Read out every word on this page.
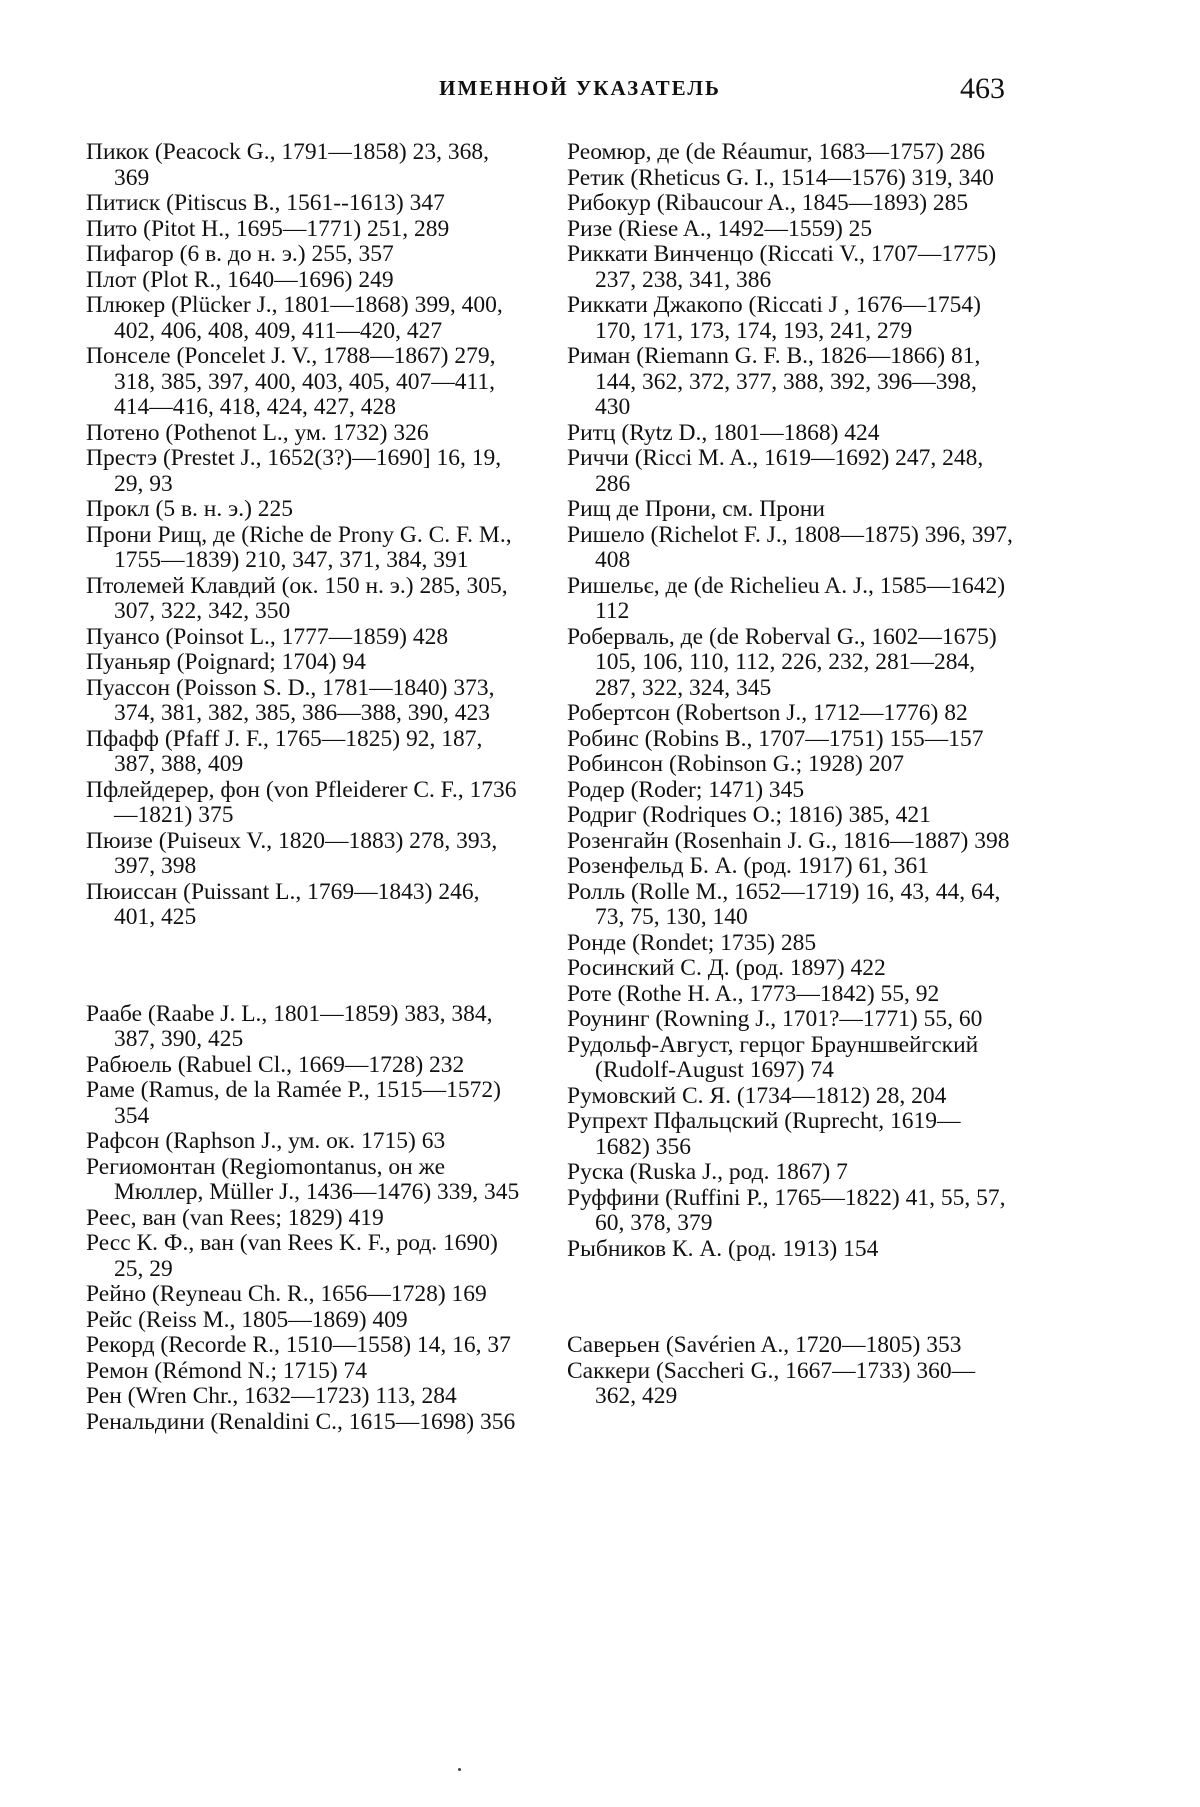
ИМЕННОЙ УКАЗАТЕЛЬ	463

Пикок (Peacock G., 1791—1858) 23, 368, 369

Питиск (Pitiscus B., 1561--1613) 347

Пито (Pitot H., 1695—1771) 251, 289

Пифагор (6 в. до н. э.) 255, 357

Плот (Plot R., 1640—1696) 249

Плюкер (Plücker J., 1801—1868) 399, 400, 402, 406, 408, 409, 411—420, 427

Понселе (Poncelet J. V., 1788—1867) 279, 318, 385, 397, 400, 403, 405, 407—411, 414—416, 418, 424, 427, 428

Потено (Pothenot L., ум. 1732) 326

Престэ (Prestet J., 1652(3?)—1690] 16, 19, 29, 93

Прокл (5 в. н. э.) 225

Прони Рищ, де (Riche de Prony G. C. F. M., 1755—1839) 210, 347, 371, 384, 391

Птолемей Клавдий (ок. 150 н. э.) 285, 305, 307, 322, 342, 350

Пуансо (Poinsot L., 1777—1859) 428

Пуаньяр (Poignard; 1704) 94

Пуассон (Poisson S. D., 1781—1840) 373, 374, 381, 382, 385, 386—388, 390, 423

Пфафф (Pfaff J. F., 1765—1825) 92, 187, 387, 388, 409

Пфлейдерер, фон (von Pfleiderer C. F., 1736—1821) 375

Пюизе (Puiseux V., 1820—1883) 278, 393, 397, 398

Пюиссан (Puissant L., 1769—1843) 246, 401, 425

Раабе (Raabe J. L., 1801—1859) 383, 384, 387, 390, 425

Рабюель (Rabuel Cl., 1669—1728) 232

Раме (Ramus, de la Ramée P., 1515—1572) 354

Рафсон (Raphson J., ум. ок. 1715) 63

Региомонтан (Regiomontanus, он же Мюллер, Müller J., 1436—1476) 339, 345

Реес, ван (van Rees; 1829) 419

Ресс К. Ф., ван (van Rees K. F., род. 1690) 25, 29

Рейно (Reyneau Ch. R., 1656—1728) 169

Рейс (Reiss M., 1805—1869) 409

Рекорд (Recorde R., 1510—1558) 14, 16, 37

Ремон (Rémond N.; 1715) 74

Рен (Wren Chr., 1632—1723) 113, 284

Ренальдини (Renaldini C., 1615—1698) 356

Реомюр, де (de Réaumur, 1683—1757) 286

Ретик (Rheticus G. I., 1514—1576) 319, 340

Рибокур (Ribaucour A., 1845—1893) 285

Ризе (Riese A., 1492—1559) 25

Риккати Винченцо (Riccati V., 1707—1775) 237, 238, 341, 386

Риккати Джакопо (Riccati J , 1676—1754) 170, 171, 173, 174, 193, 241, 279

Риман (Riemann G. F. B., 1826—1866) 81, 144, 362, 372, 377, 388, 392, 396—398, 430

Ритц (Rytz D., 1801—1868) 424

Риччи (Ricci M. A., 1619—1692) 247, 248, 286

Рищ де Прони, см. Прони

Ришело (Richelot F. J., 1808—1875) 396, 397, 408

Ришельє, де (de Richelieu A. J., 1585—1642) 112

Роберваль, де (de Roberval G., 1602—1675) 105, 106, 110, 112, 226, 232, 281—284, 287, 322, 324, 345

Робертсон (Robertson J., 1712—1776) 82

Робинс (Robins B., 1707—1751) 155—157

Робинсон (Robinson G.; 1928) 207

Родер (Roder; 1471) 345

Родриг (Rodriques O.; 1816) 385, 421

Розенгайн (Rosenhain J. G., 1816—1887) 398

Розенфельд Б. А. (род. 1917) 61, 361

Ролль (Rolle M., 1652—1719) 16, 43, 44, 64, 73, 75, 130, 140

Ронде (Rondet; 1735) 285

Росинский С. Д. (род. 1897) 422

Роте (Rothe H. A., 1773—1842) 55, 92

Роунинг (Rowning J., 1701?—1771) 55, 60

Рудольф-Август, герцог Брауншвейгский (Rudolf-August 1697) 74

Румовский С. Я. (1734—1812) 28, 204

Рупрехт Пфальцский (Ruprecht, 1619—1682) 356

Руска (Ruska J., род. 1867) 7

Руффини (Ruffini P., 1765—1822) 41, 55, 57, 60, 378, 379

Рыбников К. А. (род. 1913) 154

Саверьен (Savérien A., 1720—1805) 353

Саккери (Saccheri G., 1667—1733) 360—362, 429
